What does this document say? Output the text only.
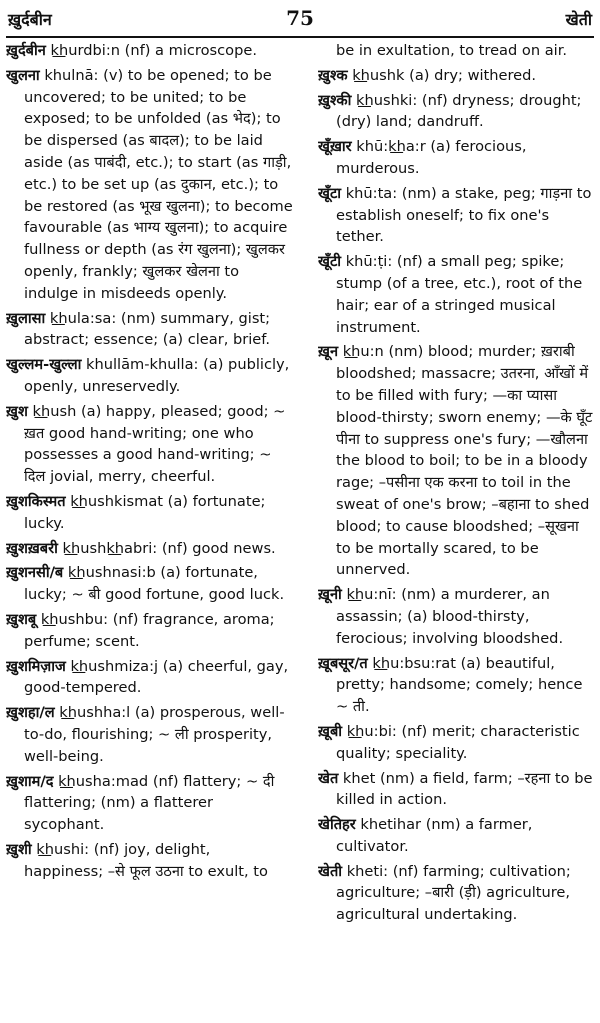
ख़ुर्दबीन	75	खेती
ख़ुर्दबीन k͟hurdbi:n (nf) a microscope.
खुलना khulnā: (v) to be opened; to be uncovered; to be united; to be exposed; to be unfolded (as भेद); to be dispersed (as बादल); to be laid aside (as पाबंदी, etc.); to start (as गाड़ी, etc.) to be set up (as दुकान, etc.); to be restored (as भूख खुलना); to become favourable (as भाग्य खुलना); to acquire fullness or depth (as रंग खुलना); खुलकर openly, frankly; खुलकर खेलना to indulge in misdeeds openly.
ख़ुलासा k͟hula:sa: (nm) summary, gist; abstract; essence; (a) clear, brief.
खुल्लम-खुल्ला khullām-khulla: (a) publicly, openly, unreservedly.
ख़ुश k͟hush (a) happy, pleased; good; ~ ख़त good hand-writing; one who possesses a good hand-writing; ~ दिल jovial, merry, cheerful.
ख़ुशकिस्मत k͟hushkismat (a) fortunate; lucky.
ख़ुशख़बरी k͟hushk͟habri: (nf) good news.
ख़ुशनसी/ब k͟hushnasi:b (a) fortunate, lucky; ~ बी good fortune, good luck.
ख़ुशबू k͟hushbu: (nf) fragrance, aroma; perfume; scent.
ख़ुशमिज़ाज k͟hushmiza:j (a) cheerful, gay, good-tempered.
ख़ुशहा/ल k͟hushha:l (a) prosperous, well-to-do, flourishing; ~ ली prosperity, well-being.
ख़ुशाम/द k͟husha:mad (nf) flattery; ~ दी flattering; (nm) a flatterer sycophant.
ख़ुशी k͟hushi: (nf) joy, delight, happiness; –से फूल उठना to exult, to
be in exultation, to tread on air.
ख़ुश्क k͟hushk (a) dry; withered.
ख़ुश्की k͟hushki: (nf) dryness; drought; (dry) land; dandruff.
खूँख़ार khū:k͟ha:r (a) ferocious, murderous.
खूँटा khū:ta: (nm) a stake, peg; गाड़ना to establish oneself; to fix one's tether.
खूँटी khū:ṭi: (nf) a small peg; spike; stump (of a tree, etc.), root of the hair; ear of a stringed musical instrument.
ख़ून k͟hu:n (nm) blood; murder; ख़राबी bloodshed; massacre; उतरना, आँखों में to be filled with fury; —का प्यासा blood-thirsty; sworn enemy; —के घूँट पीना to suppress one's fury; —खौलना the blood to boil; to be in a bloody rage; –पसीना एक करना to toil in the sweat of one's brow; –बहाना to shed blood; to cause bloodshed; –सूखना to be mortally scared, to be unnerved.
ख़ूनी k͟hu:nī: (nm) a murderer, an assassin; (a) blood-thirsty, ferocious; involving bloodshed.
ख़ूबसूर/त k͟hu:bsu:rat (a) beautiful, pretty; handsome; comely; hence ~ ती.
ख़ूबी k͟hu:bi: (nf) merit; characteristic quality; speciality.
खेत khet (nm) a field, farm; –रहना to be killed in action.
खेतिहर khetihar (nm) a farmer, cultivator.
खेती kheti: (nf) farming; cultivation; agriculture; –बारी (ड़ी) agriculture, agricultural undertaking.
